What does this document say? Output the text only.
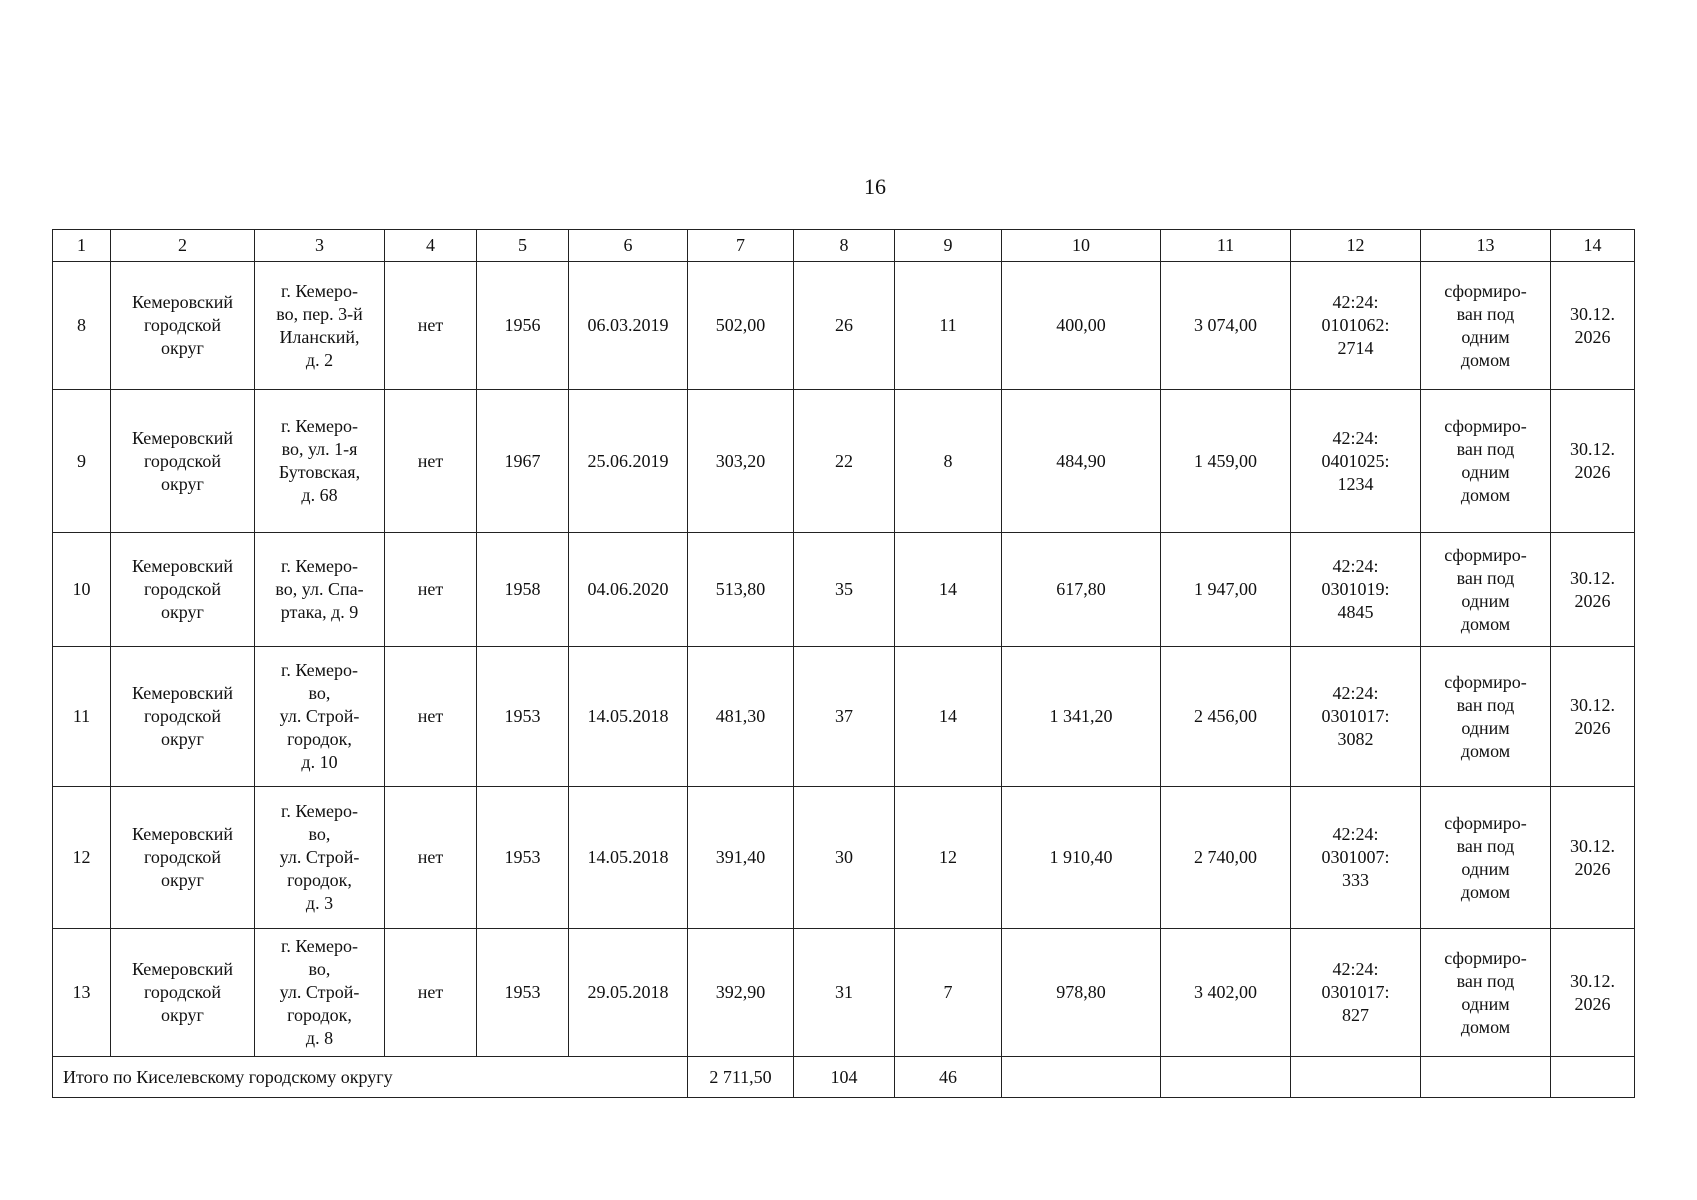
16
1	2	3	4	5	6	7	8	9	10	11	12	13	14
8	Кемеровский
городской
округ	г. Кемеро-
во, пер. 3-й
Иланский,
д. 2	нет	1956	06.03.2019	502,00	26	11	400,00	3 074,00	42:24:
0101062:
2714	сформиро-
ван под
одним
домом	30.12.
2026
9	Кемеровский
городской
округ	г. Кемеро-
во, ул. 1-я
Бутовская,
д. 68	нет	1967	25.06.2019	303,20	22	8	484,90	1 459,00	42:24:
0401025:
1234	сформиро-
ван под
одним
домом	30.12.
2026
10	Кемеровский
городской
округ	г. Кемеро-
во, ул. Спа-
ртака, д. 9	нет	1958	04.06.2020	513,80	35	14	617,80	1 947,00	42:24:
0301019:
4845	сформиро-
ван под
одним
домом	30.12.
2026
11	Кемеровский
городской
округ	г. Кемеро-
во,
ул. Строй-
городок,
д. 10	нет	1953	14.05.2018	481,30	37	14	1 341,20	2 456,00	42:24:
0301017:
3082	сформиро-
ван под
одним
домом	30.12.
2026
12	Кемеровский
городской
округ	г. Кемеро-
во,
ул. Строй-
городок,
д. 3	нет	1953	14.05.2018	391,40	30	12	1 910,40	2 740,00	42:24:
0301007:
333	сформиро-
ван под
одним
домом	30.12.
2026
13	Кемеровский
городской
округ	г. Кемеро-
во,
ул. Строй-
городок,
д. 8	нет	1953	29.05.2018	392,90	31	7	978,80	3 402,00	42:24:
0301017:
827	сформиро-
ван под
одним
домом	30.12.
2026
Итого по Киселевскому городскому округу						2 711,50	104	46					
